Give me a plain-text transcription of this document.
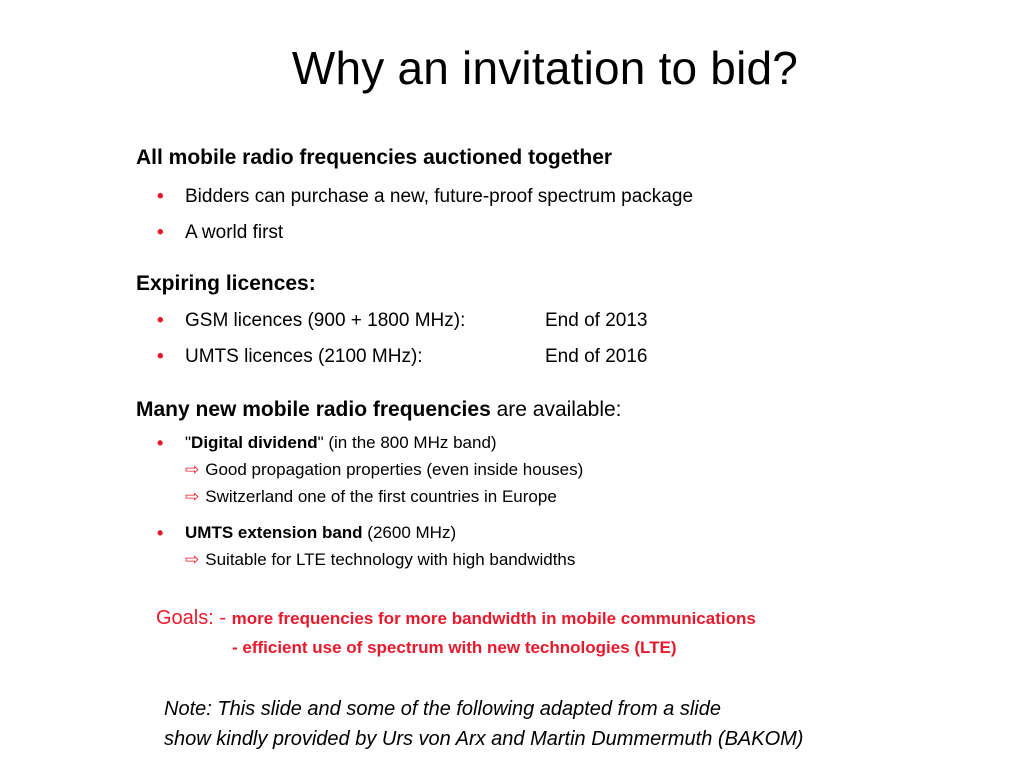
Why an invitation to bid?
All mobile radio frequencies auctioned together
• Bidders can purchase a new, future-proof spectrum package
• A world first
Expiring licences:
• GSM licences (900 + 1800 MHz):	End of 2013
• UMTS licences (2100 MHz):	End of 2016
Many new mobile radio frequencies are available:
• "Digital dividend" (in the 800 MHz band)
⇨ Good propagation properties (even inside houses)
⇨ Switzerland one of the first countries in Europe
• UMTS extension band (2600 MHz)
⇨ Suitable for LTE technology with high bandwidths
Goals: - more frequencies for more bandwidth in mobile communications
- efficient use of spectrum with new technologies (LTE)
Note: This slide and some of the following adapted from a slide
show kindly provided by Urs von Arx and Martin Dummermuth (BAKOM)
